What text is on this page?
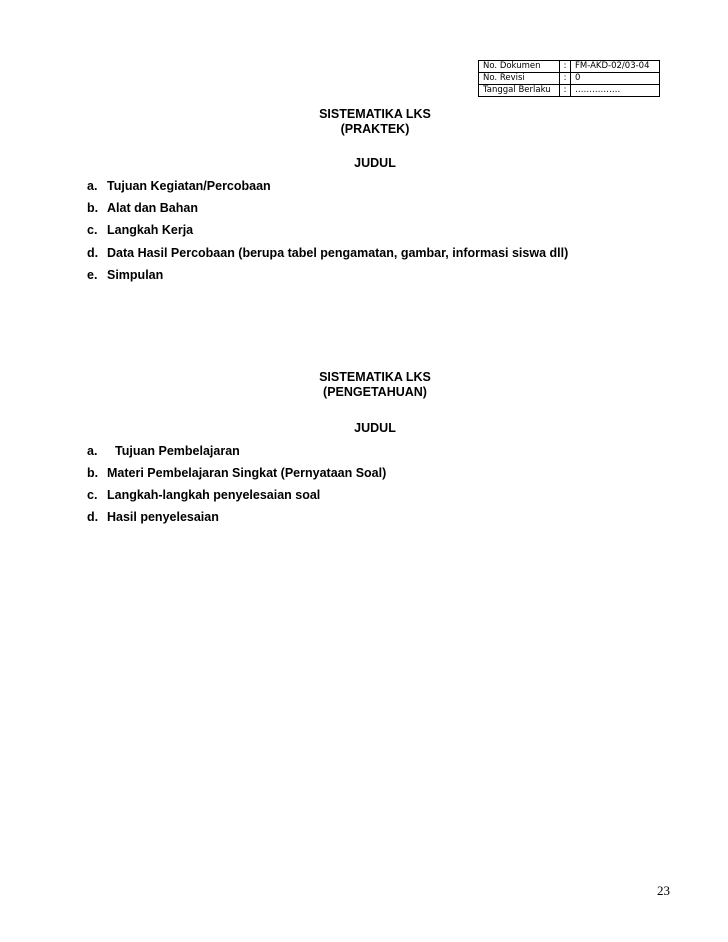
No. Dokumen	:	FM-AKD-02/03-04
No. Revisi	:	0
Tanggal Berlaku	:	…………….
SISTEMATIKA LKS
(PRAKTEK)
JUDUL
a. Tujuan Kegiatan/Percobaan
b. Alat dan Bahan
c. Langkah Kerja
d. Data Hasil Percobaan (berupa tabel pengamatan, gambar, informasi siswa dll)
e. Simpulan
SISTEMATIKA LKS
(PENGETAHUAN)
JUDUL
a. Tujuan Pembelajaran
b. Materi Pembelajaran Singkat (Pernyataan Soal)
c. Langkah-langkah penyelesaian soal
d. Hasil penyelesaian
23
